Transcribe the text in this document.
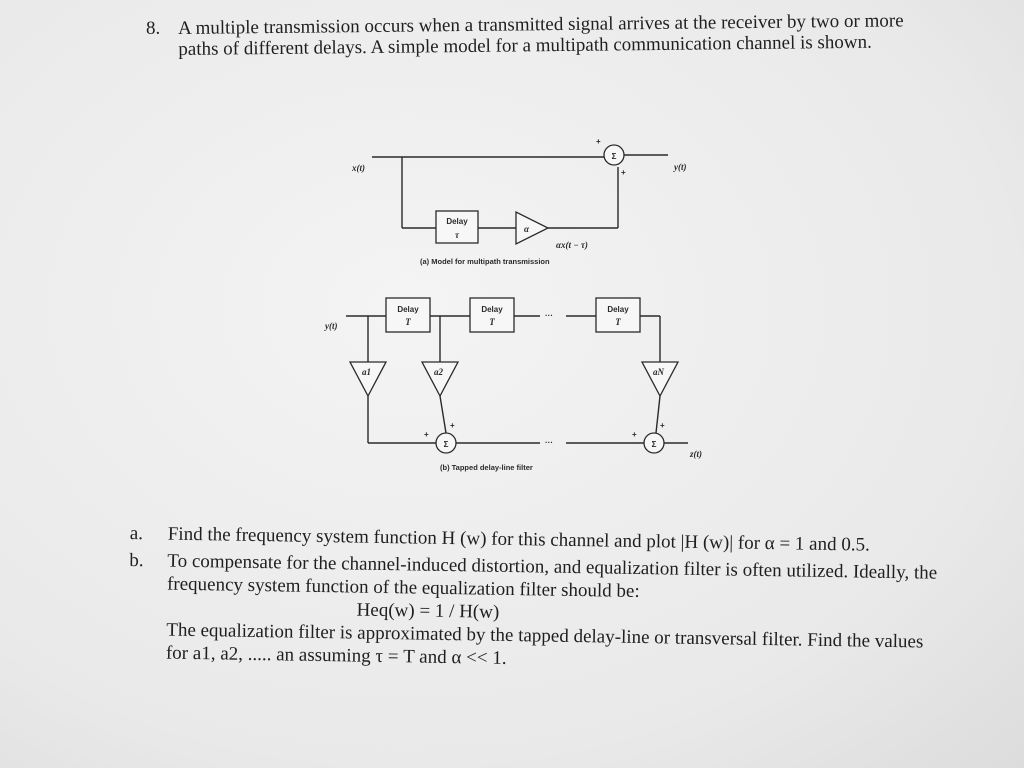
8. A multiple transmission occurs when a transmitted signal arrives at the receiver by two or more paths of different delays. A simple model for a multipath communication channel is shown.
x(t)
Delay
τ
α
Σ
+
+
y(t)
αx(t − τ)
(a) Model for multipath transmission
y(t)
Delay
T
Delay
T
···
Delay
T
a1	a2	aN
Σ
+
+
···	Σ
+
+
z(t)
(b) Tapped delay-line filter
a. Find the frequency system function H (w) for this channel and plot |H (w)| for α = 1 and 0.5.
b. To compensate for the channel-induced distortion, and equalization filter is often utilized. Ideally, the frequency system function of the equalization filter should be:
Heq(w) = 1 / H(w)
The equalization filter is approximated by the tapped delay-line or transversal filter. Find the values for a1, a2, ..... an assuming τ = T and α << 1.
